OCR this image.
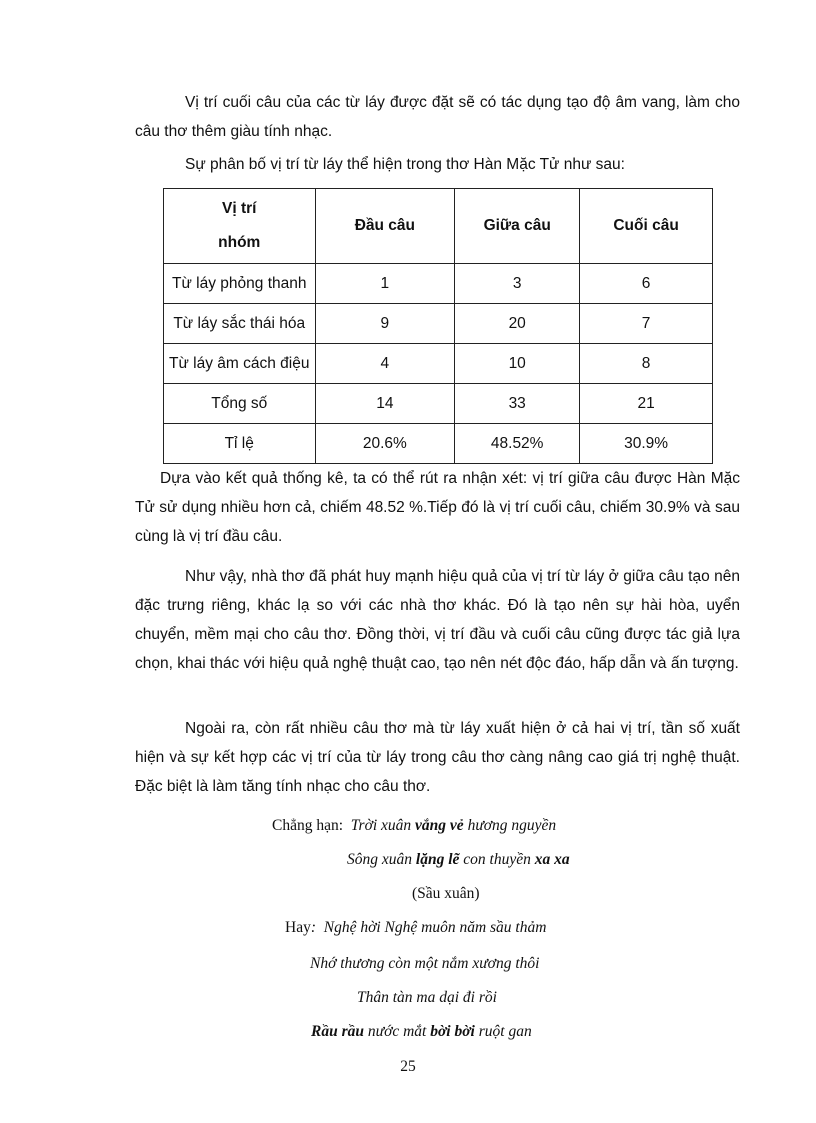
Vị trí cuối câu của các từ láy được đặt sẽ có tác dụng tạo độ âm vang, làm cho câu thơ thêm giàu tính nhạc.

Sự phân bố vị trí từ láy thể hiện trong thơ Hàn Mặc Tử như sau:

Vị trí
nhóm	Đầu câu	Giữa câu	Cuối câu
Từ láy phỏng thanh	1	3	6
Từ láy sắc thái hóa	9	20	7
Từ láy âm cách điệu	4	10	8
Tổng số	14	33	21
Tỉ lệ	20.6%	48.52%	30.9%

Dựa vào kết quả thống kê, ta có thể rút ra nhận xét: vị trí giữa câu được Hàn Mặc Tử sử dụng nhiều hơn cả, chiếm 48.52 %.Tiếp đó là vị trí cuối câu, chiếm 30.9% và sau cùng là vị trí đầu câu.

Như vậy, nhà thơ đã phát huy mạnh hiệu quả của vị trí từ láy ở giữa câu tạo nên đặc trưng riêng, khác lạ so với các nhà thơ khác. Đó là tạo nên sự hài hòa, uyển chuyển, mềm mại cho câu thơ. Đồng thời, vị trí đầu và cuối câu cũng được tác giả lựa chọn, khai thác với hiệu quả nghệ thuật cao, tạo nên nét độc đáo, hấp dẫn và ấn tượng.

Ngoài ra, còn rất nhiều câu thơ mà từ láy xuất hiện ở cả hai vị trí, tần số xuất hiện và sự kết hợp các vị trí của từ láy trong câu thơ càng nâng cao giá trị nghệ thuật. Đặc biệt là làm tăng tính nhạc cho câu thơ.

Chẳng hạn: Trời xuân vắng vẻ hương nguyền
Sông xuân lặng lẽ con thuyền xa xa
(Sầu xuân)
Hay: Nghệ hời Nghệ muôn năm sầu thảm
Nhớ thương còn một nắm xương thôi
Thân tàn ma dại đi rồi
Rầu rầu nước mắt bời bời ruột gan
25
